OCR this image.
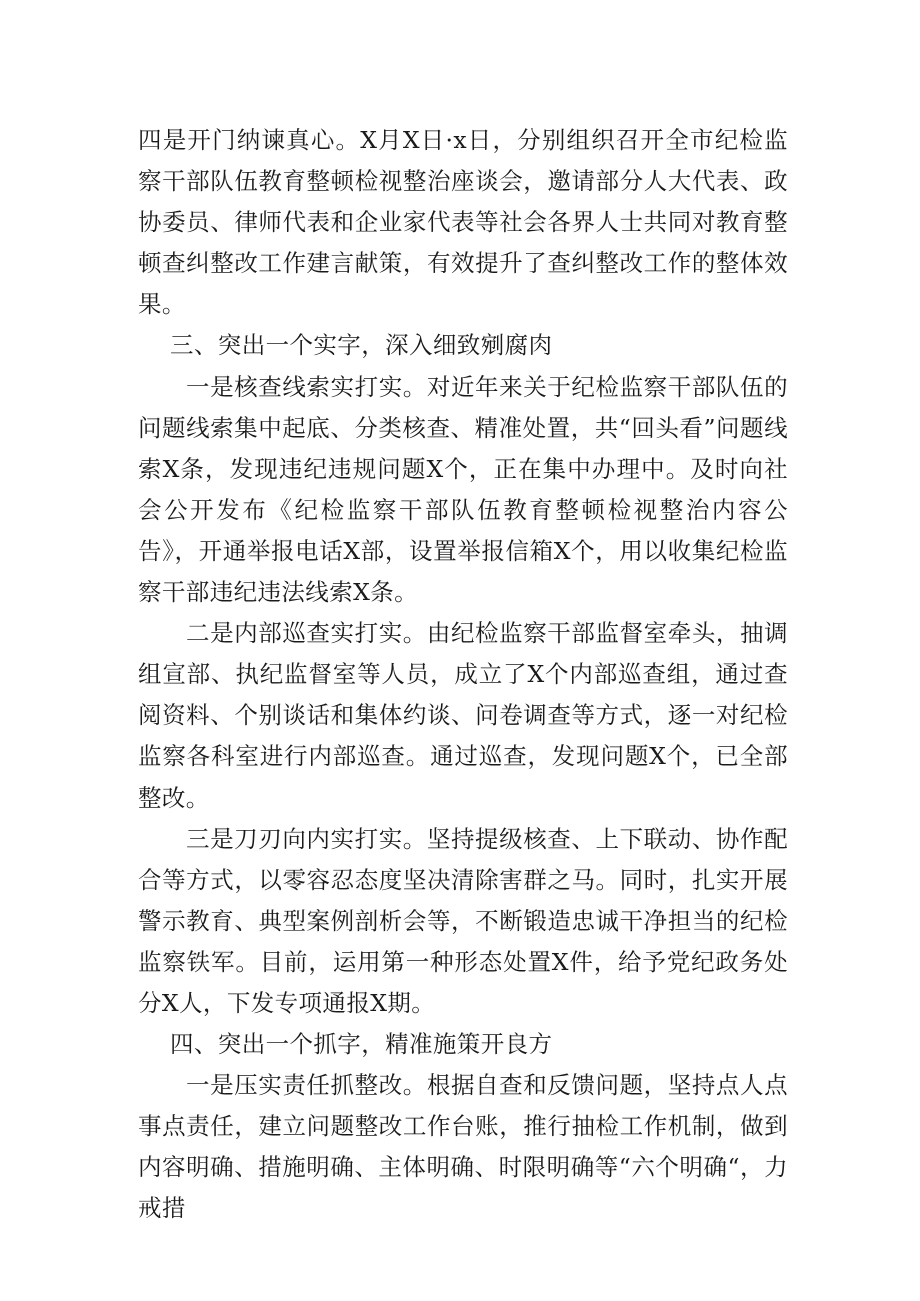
四是开门纳谏真心。X月X日·x日，分别组织召开全市纪检监察干部队伍教育整顿检视整治座谈会，邀请部分人大代表、政协委员、律师代表和企业家代表等社会各界人士共同对教育整顿查纠整改工作建言献策，有效提升了查纠整改工作的整体效果。

三、突出一个实字，深入细致剜腐肉

一是核查线索实打实。对近年来关于纪检监察干部队伍的问题线索集中起底、分类核查、精准处置，共“回头看”问题线索X条，发现违纪违规问题X个，正在集中办理中。及时向社会公开发布《纪检监察干部队伍教育整顿检视整治内容公告》，开通举报电话X部，设置举报信箱X个，用以收集纪检监察干部违纪违法线索X条。

二是内部巡查实打实。由纪检监察干部监督室牵头，抽调组宣部、执纪监督室等人员，成立了X个内部巡查组，通过查阅资料、个别谈话和集体约谈、问卷调查等方式，逐一对纪检监察各科室进行内部巡查。通过巡查，发现问题X个，已全部整改。

三是刀刃向内实打实。坚持提级核查、上下联动、协作配合等方式，以零容忍态度坚决清除害群之马。同时，扎实开展警示教育、典型案例剖析会等，不断锻造忠诚干净担当的纪检监察铁军。目前，运用第一种形态处置X件，给予党纪政务处分X人，下发专项通报X期。

四、突出一个抓字，精准施策开良方

一是压实责任抓整改。根据自查和反馈问题，坚持点人点事点责任，建立问题整改工作台账，推行抽检工作机制，做到内容明确、措施明确、主体明确、时限明确等“六个明确“，力戒措
